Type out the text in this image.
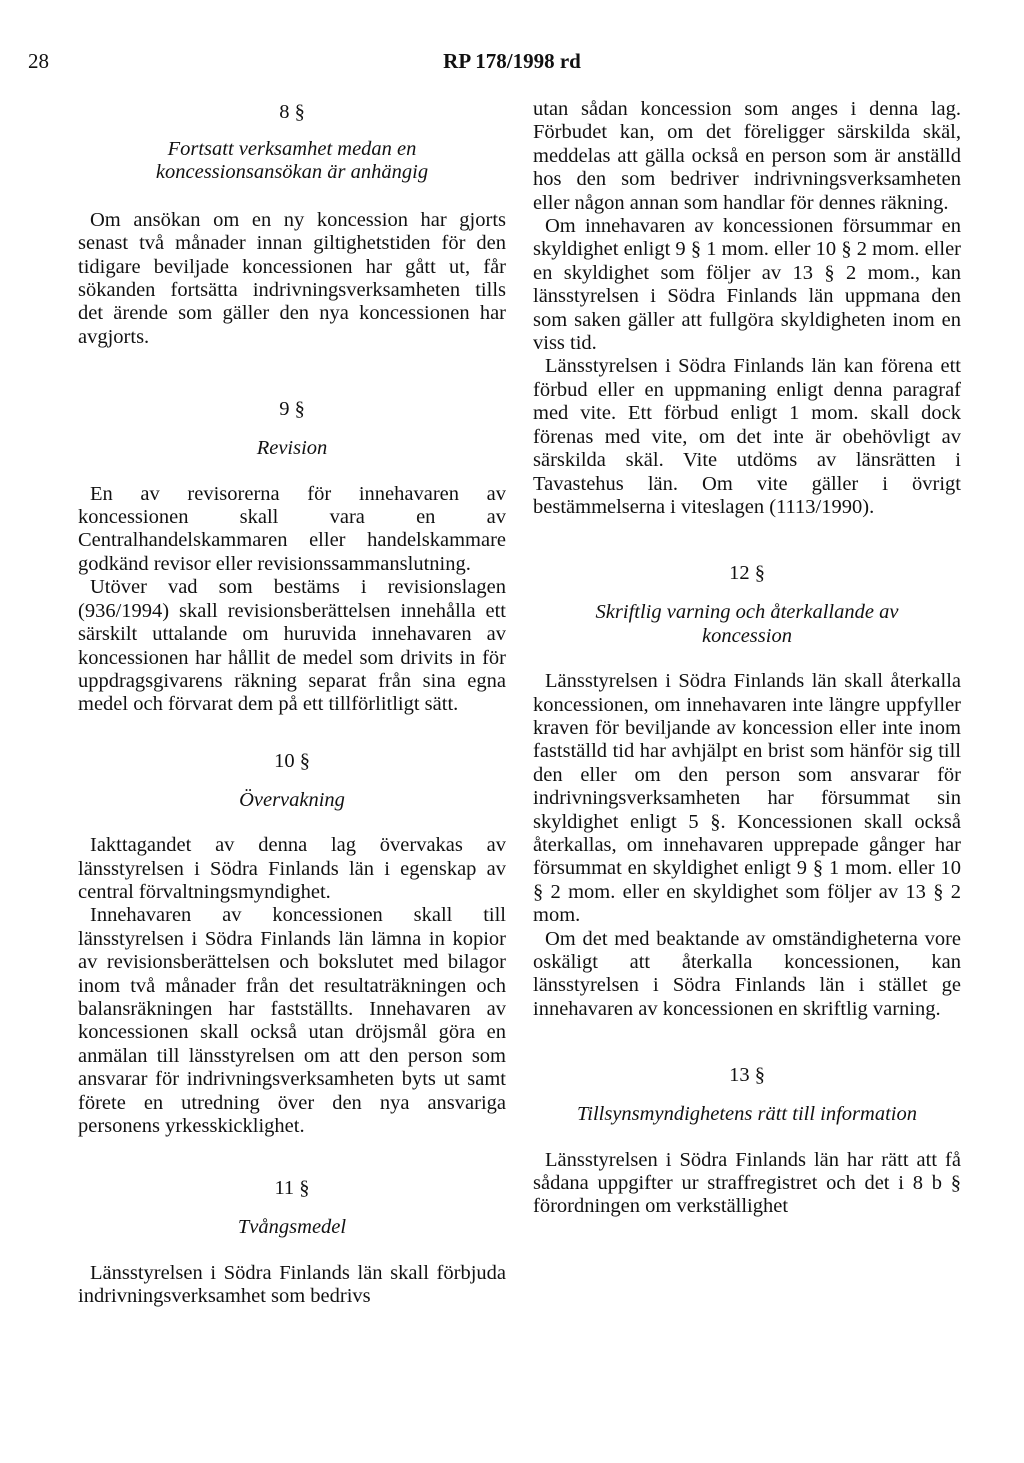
28	RP 178/1998 rd
8 §
Fortsatt verksamhet medan en koncessionsansökan är anhängig

Om ansökan om en ny koncession har gjorts senast två månader innan giltighetstiden för den tidigare beviljade koncessionen har gått ut, får sökanden fortsätta indrivningsverksamheten tills det ärende som gäller den nya koncessionen har avgjorts.

9 §
Revision

En av revisorerna för innehavaren av koncessionen skall vara en av Centralhandelskammaren eller handelskammare godkänd revisor eller revisionssammanslutning.

Utöver vad som bestäms i revisionslagen (936/1994) skall revisionsberättelsen innehålla ett särskilt uttalande om huruvida innehavaren av koncessionen har hållit de medel som drivits in för uppdragsgivarens räkning separat från sina egna medel och förvarat dem på ett tillförlitligt sätt.

10 §
Övervakning

Iakttagandet av denna lag övervakas av länsstyrelsen i Södra Finlands län i egenskap av central förvaltningsmyndighet.

Innehavaren av koncessionen skall till länsstyrelsen i Södra Finlands län lämna in kopior av revisionsberättelsen och bokslutet med bilagor inom två månader från det resultaträkningen och balansräkningen har fastställts. Innehavaren av koncessionen skall också utan dröjsmål göra en anmälan till länsstyrelsen om att den person som ansvarar för indrivningsverksamheten byts ut samt förete en utredning över den nya ansvariga personens yrkesskicklighet.

11 §
Tvångsmedel

Länsstyrelsen i Södra Finlands län skall förbjuda indrivningsverksamhet som bedrivs

utan sådan koncession som anges i denna lag. Förbudet kan, om det föreligger särskilda skäl, meddelas att gälla också en person som är anställd hos den som bedriver indrivningsverksamheten eller någon annan som handlar för dennes räkning.

Om innehavaren av koncessionen försummar en skyldighet enligt 9 § 1 mom. eller 10 § 2 mom. eller en skyldighet som följer av 13 § 2 mom., kan länsstyrelsen i Södra Finlands län uppmana den som saken gäller att fullgöra skyldigheten inom en viss tid.

Länsstyrelsen i Södra Finlands län kan förena ett förbud eller en uppmaning enligt denna paragraf med vite. Ett förbud enligt 1 mom. skall dock förenas med vite, om det inte är obehövligt av särskilda skäl. Vite utdöms av länsrätten i Tavastehus län. Om vite gäller i övrigt bestämmelserna i viteslagen (1113/1990).

12 §
Skriftlig varning och återkallande av koncession

Länsstyrelsen i Södra Finlands län skall återkalla koncessionen, om innehavaren inte längre uppfyller kraven för beviljande av koncession eller inte inom fastställd tid har avhjälpt en brist som hänför sig till den eller om den person som ansvarar för indrivningsverksamheten har försummat sin skyldighet enligt 5 §. Koncessionen skall också återkallas, om innehavaren upprepade gånger har försummat en skyldighet enligt 9 § 1 mom. eller 10 § 2 mom. eller en skyldighet som följer av 13 § 2 mom.

Om det med beaktande av omständigheterna vore oskäligt att återkalla koncessionen, kan länsstyrelsen i Södra Finlands län i stället ge innehavaren av koncessionen en skriftlig varning.

13 §
Tillsynsmyndighetens rätt till information

Länsstyrelsen i Södra Finlands län har rätt att få sådana uppgifter ur straffregistret och det i 8 b § förordningen om verkställighet
